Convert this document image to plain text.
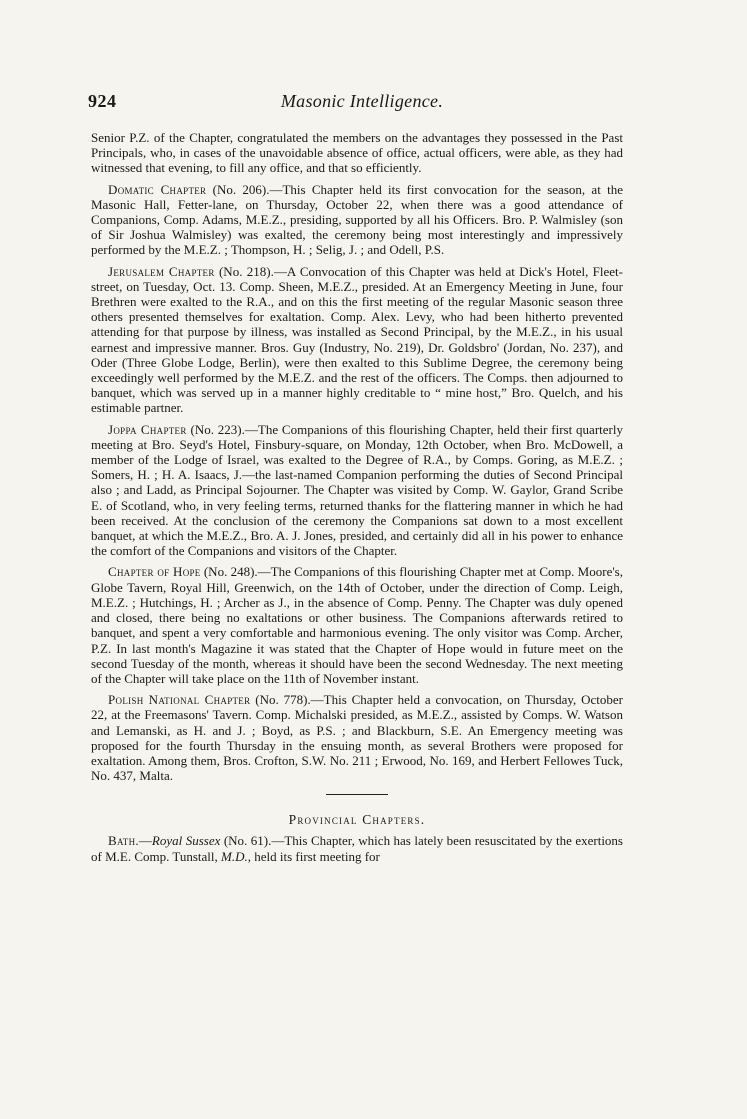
924	Masonic Intelligence.

Senior P.Z. of the Chapter, congratulated the members on the advantages they possessed in the Past Principals, who, in cases of the unavoidable absence of office, actual officers, were able, as they had witnessed that evening, to fill any office, and that so efficiently.

Domatic Chapter (No. 206).—This Chapter held its first convocation for the season, at the Masonic Hall, Fetter-lane, on Thursday, October 22, when there was a good attendance of Companions, Comp. Adams, M.E.Z., presiding, supported by all his Officers. Bro. P. Walmisley (son of Sir Joshua Walmisley) was exalted, the ceremony being most interestingly and impressively performed by the M.E.Z. ; Thompson, H. ; Selig, J. ; and Odell, P.S.

Jerusalem Chapter (No. 218).—A Convocation of this Chapter was held at Dick's Hotel, Fleet-street, on Tuesday, Oct. 13. Comp. Sheen, M.E.Z., presided. At an Emergency Meeting in June, four Brethren were exalted to the R.A., and on this the first meeting of the regular Masonic season three others presented themselves for exaltation. Comp. Alex. Levy, who had been hitherto prevented attending for that purpose by illness, was installed as Second Principal, by the M.E.Z., in his usual earnest and impressive manner. Bros. Guy (Industry, No. 219), Dr. Goldsbro' (Jordan, No. 237), and Oder (Three Globe Lodge, Berlin), were then exalted to this Sublime Degree, the ceremony being exceedingly well performed by the M.E.Z. and the rest of the officers. The Comps. then adjourned to banquet, which was served up in a manner highly creditable to “ mine host,” Bro. Quelch, and his estimable partner.

Joppa Chapter (No. 223).—The Companions of this flourishing Chapter, held their first quarterly meeting at Bro. Seyd's Hotel, Finsbury-square, on Monday, 12th October, when Bro. McDowell, a member of the Lodge of Israel, was exalted to the Degree of R.A., by Comps. Goring, as M.E.Z. ; Somers, H. ; H. A. Isaacs, J.—the last-named Companion performing the duties of Second Principal also ; and Ladd, as Principal Sojourner. The Chapter was visited by Comp. W. Gaylor, Grand Scribe E. of Scotland, who, in very feeling terms, returned thanks for the flattering manner in which he had been received. At the conclusion of the ceremony the Companions sat down to a most excellent banquet, at which the M.E.Z., Bro. A. J. Jones, presided, and certainly did all in his power to enhance the comfort of the Companions and visitors of the Chapter.

Chapter of Hope (No. 248).—The Companions of this flourishing Chapter met at Comp. Moore's, Globe Tavern, Royal Hill, Greenwich, on the 14th of October, under the direction of Comp. Leigh, M.E.Z. ; Hutchings, H. ; Archer as J., in the absence of Comp. Penny. The Chapter was duly opened and closed, there being no exaltations or other business. The Companions afterwards retired to banquet, and spent a very comfortable and harmonious evening. The only visitor was Comp. Archer, P.Z. In last month's Magazine it was stated that the Chapter of Hope would in future meet on the second Tuesday of the month, whereas it should have been the second Wednesday. The next meeting of the Chapter will take place on the 11th of November instant.

Polish National Chapter (No. 778).—This Chapter held a convocation, on Thursday, October 22, at the Freemasons' Tavern. Comp. Michalski presided, as M.E.Z., assisted by Comps. W. Watson and Lemanski, as H. and J. ; Boyd, as P.S. ; and Blackburn, S.E. An Emergency meeting was proposed for the fourth Thursday in the ensuing month, as several Brothers were proposed for exaltation. Among them, Bros. Crofton, S.W. No. 211 ; Erwood, No. 169, and Herbert Fellowes Tuck, No. 437, Malta.

Provincial Chapters.

Bath.—Royal Sussex (No. 61).—This Chapter, which has lately been resuscitated by the exertions of M.E. Comp. Tunstall, M.D., held its first meeting for
